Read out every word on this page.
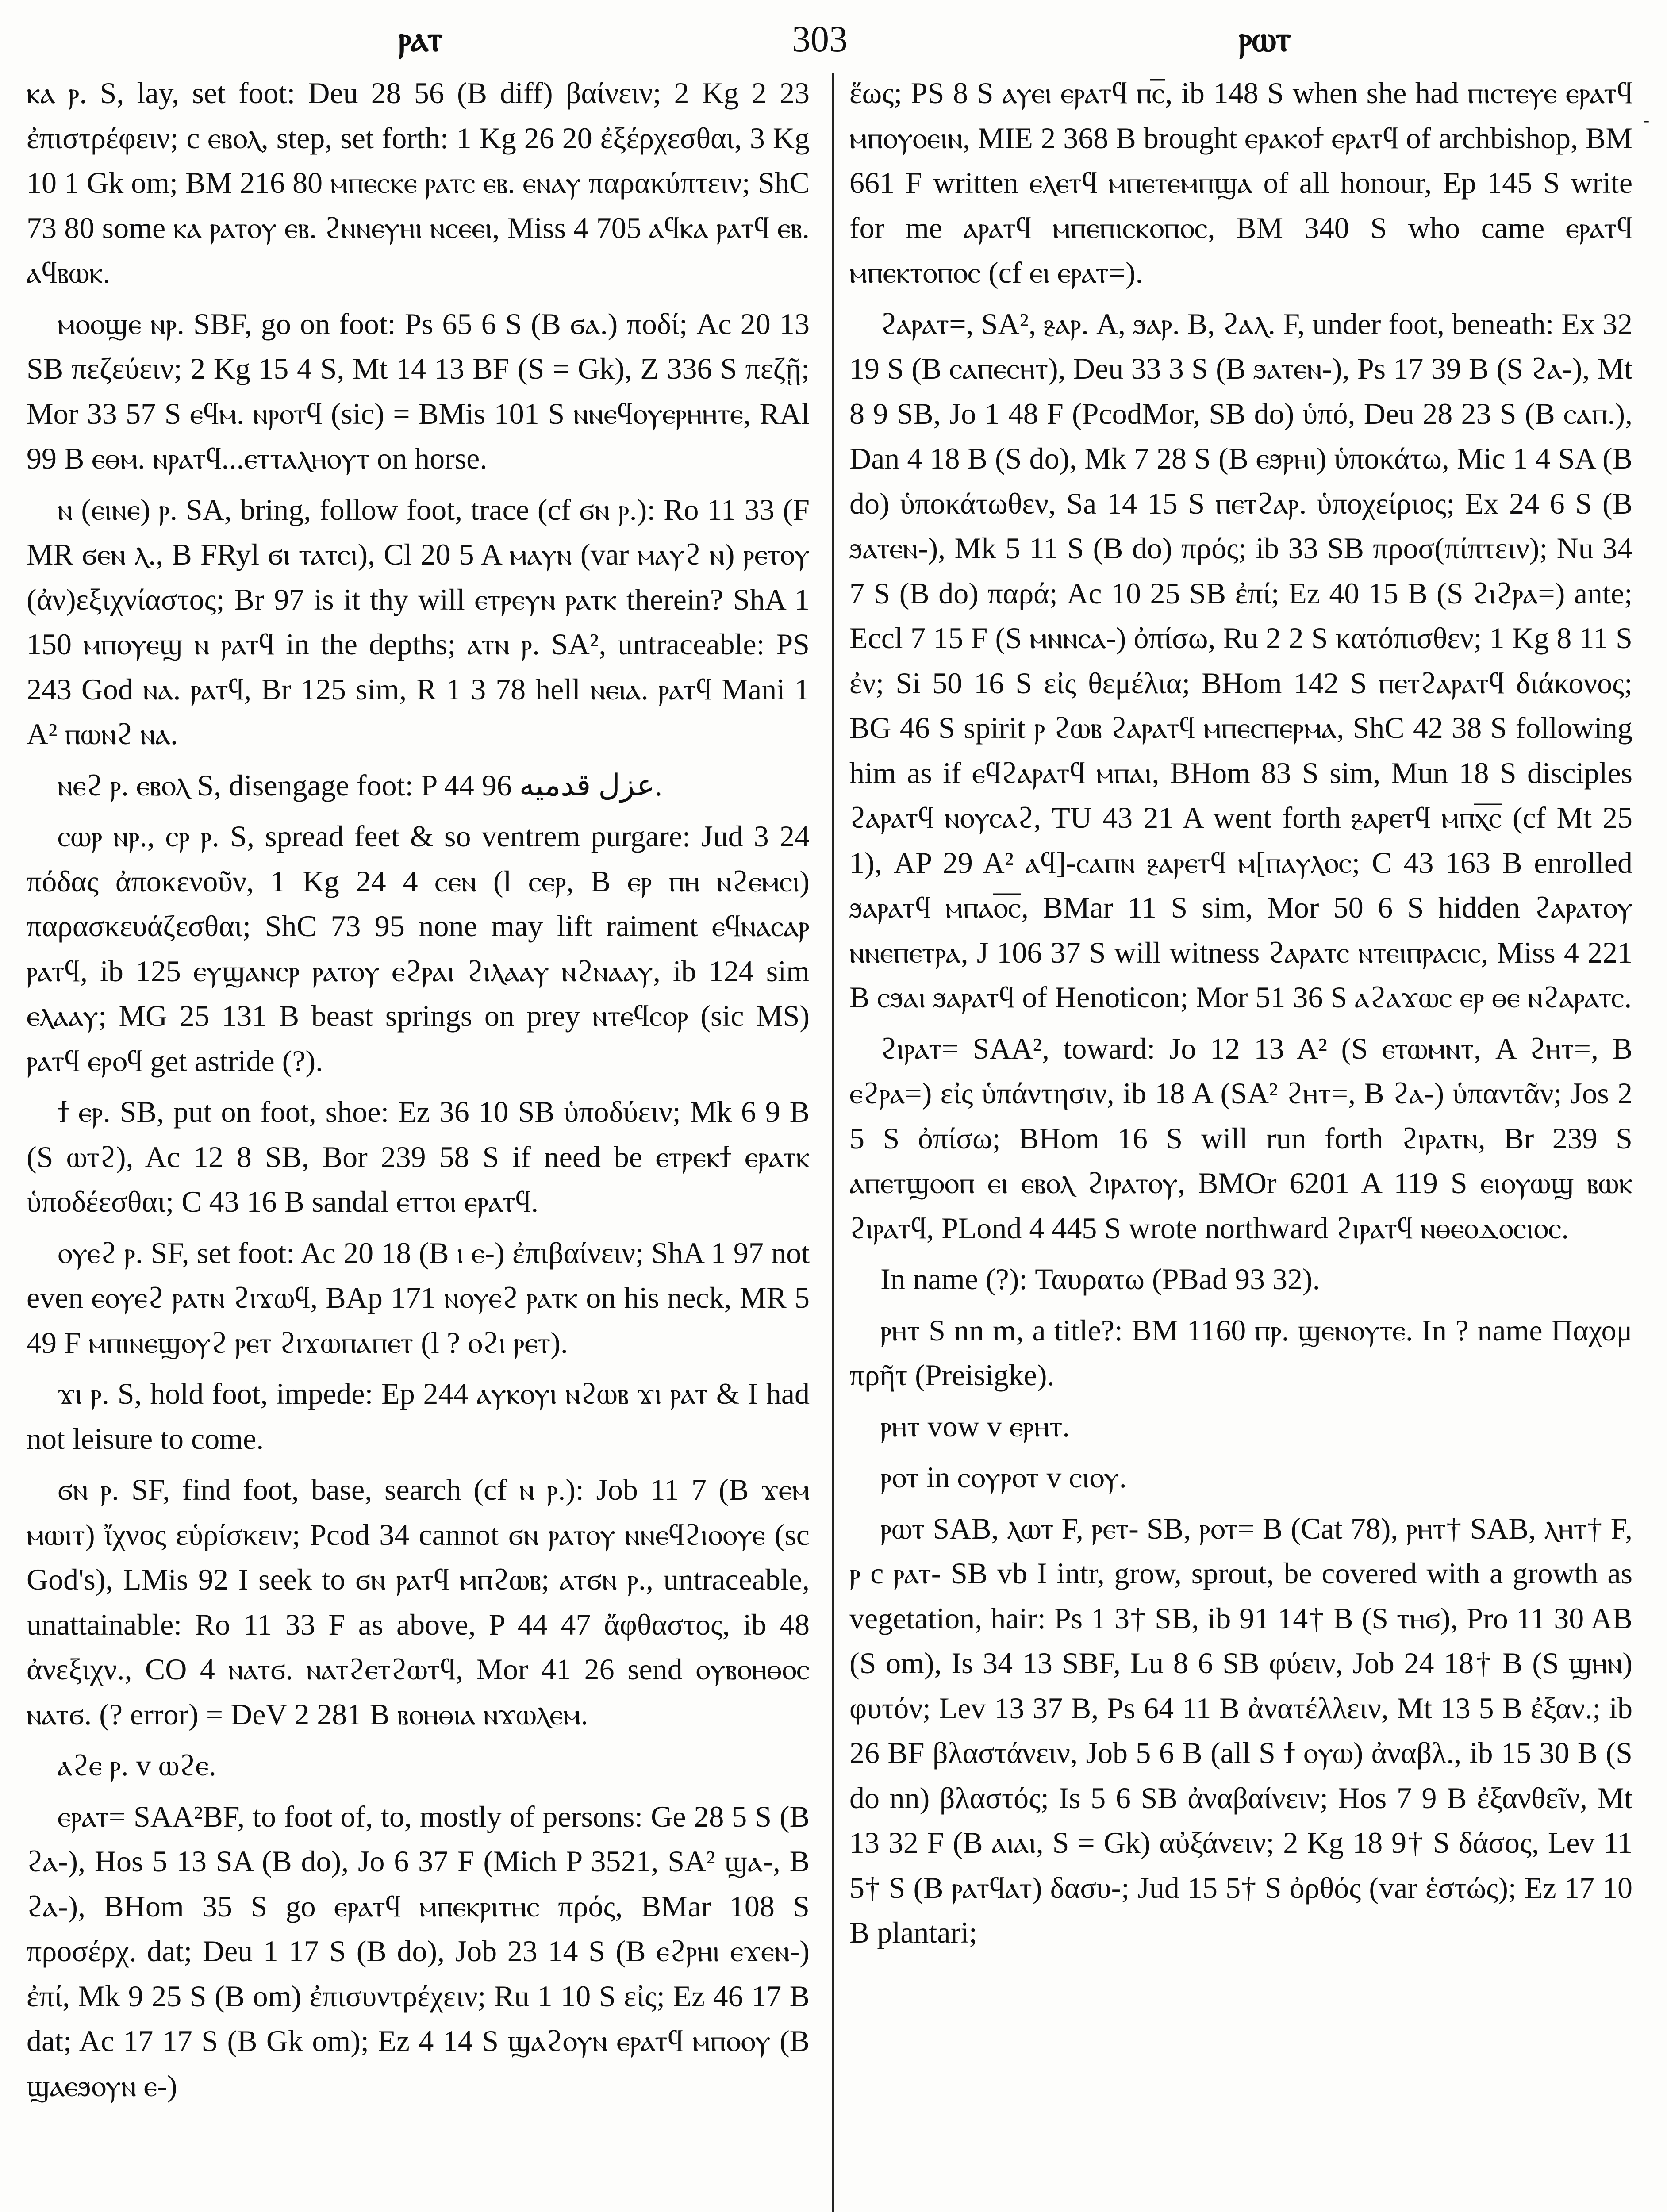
ⲣⲁⲧ	303	ⲣⲱⲧ

ⲕⲁ ⲣ. S, lay, set foot: Deu 28 56 (B diff) βαίνειν; 2 Kg 2 23 ἐπιστρέφειν; c ⲉⲃⲟⲗ, step, set forth: 1 Kg 26 20 ἐξέρχεσθαι, 3 Kg 10 1 Gk om; BM 216 80 ⲙⲡⲉⲥⲕⲉ ⲣⲁⲧⲥ ⲉⲃ. ⲉⲛⲁⲩ παρακύπτειν; ShC 73 80 some ⲕⲁ ⲣⲁⲧⲟⲩ ⲉⲃ. ϩⲛⲛⲉⲩⲏⲓ ⲛⲥⲉⲉⲓ, Miss 4 705 ⲁϥⲕⲁ ⲣⲁⲧϥ ⲉⲃ. ⲁϥⲃⲱⲕ.

ⲙⲟⲟϣⲉ ⲛⲣ. SBF, go on foot: Ps 65 6 S (B ϭⲁ.) ποδί; Ac 20 13 SB πεζεύειν; 2 Kg 15 4 S, Mt 14 13 BF (S = Gk), Z 336 S πεζῇ; Mor 33 57 S ⲉϥⲙ. ⲛⲣⲟⲧϥ (sic) = BMis 101 S ⲛⲛⲉϥⲟⲩⲉⲣⲏⲏⲧⲉ, RAl 99 B ⲉⲑⲙ. ⲛⲣⲁⲧϥ...ⲉⲧⲧⲁⲗⲏⲟⲩⲧ on horse.

ⲛ (ⲉⲓⲛⲉ) ⲣ. SA, bring, follow foot, trace (cf ϭⲛ ⲣ.): Ro 11 33 (F MR ϭⲉⲛ ⲗ., B FRyl ϭⲓ ⲧⲁⲧⲥⲓ), Cl 20 5 A ⲙⲁⲩⲛ (var ⲙⲁⲩϩ ⲛ) ⲣⲉⲧⲟⲩ (ἀν)εξιχνίαστος; Br 97 is it thy will ⲉⲧⲣⲉⲩⲛ ⲣⲁⲧⲕ therein? ShA 1 150 ⲙⲡⲟⲩⲉϣ ⲛ ⲣⲁⲧϥ in the depths; ⲁⲧⲛ ⲣ. SA², untraceable: PS 243 God ⲛⲁ. ⲣⲁⲧϥ, Br 125 sim, R 1 3 78 hell ⲛⲉⲓⲁ. ⲣⲁⲧϥ Mani 1 A² ⲡⲱⲛϩ ⲛⲁ.

ⲛⲉϩ ⲣ. ⲉⲃⲟⲗ S, disengage foot: P 44 96 عزل قدميه.

ⲥⲱⲣ ⲛⲣ., ⲥⲣ ⲣ. S, spread feet & so ventrem purgare: Jud 3 24 πόδας ἀποκενοῦν, 1 Kg 24 4 ⲥⲉⲛ (l ⲥⲉⲣ, B ⲉⲣ ⲡⲏ ⲛϩⲉⲙⲥⲓ) παρασκευάζεσθαι; ShC 73 95 none may lift raiment ⲉϥⲛⲁⲥⲁⲣ ⲣⲁⲧϥ, ib 125 ⲉⲩϣⲁⲛⲥⲣ ⲣⲁⲧⲟⲩ ⲉϩⲣⲁⲓ ϩⲓⲗⲁⲁⲩ ⲛϩⲛⲁⲁⲩ, ib 124 sim ⲉⲗⲁⲁⲩ; MG 25 131 B beast springs on prey ⲛⲧⲉϥⲥⲟⲣ (sic MS) ⲣⲁⲧϥ ⲉⲣⲟϥ get astride (?).

ϯ ⲉⲣ. SB, put on foot, shoe: Ez 36 10 SB ὑποδύειν; Mk 6 9 B (S ⲱⲧϩ), Ac 12 8 SB, Bor 239 58 S if need be ⲉⲧⲣⲉⲕϯ ⲉⲣⲁⲧⲕ ὑποδέεσθαι; C 43 16 B sandal ⲉⲧⲧⲟⲓ ⲉⲣⲁⲧϥ.

ⲟⲩⲉϩ ⲣ. SF, set foot: Ac 20 18 (B ⲓ ⲉ-) ἐπιβαίνειν; ShA 1 97 not even ⲉⲟⲩⲉϩ ⲣⲁⲧⲛ ϩⲓϫⲱϥ, BAp 171 ⲛⲟⲩⲉϩ ⲣⲁⲧⲕ on his neck, MR 5 49 F ⲙⲡⲓⲛⲉϣⲟⲩϩ ⲣⲉⲧ ϩⲓϫⲱⲡⲁⲡⲉⲧ (l ? ⲟϩⲓ ⲣⲉⲧ).

ϫⲓ ⲣ. S, hold foot, impede: Ep 244 ⲁⲩⲕⲟⲩⲓ ⲛϩⲱⲃ ϫⲓ ⲣⲁⲧ & I had not leisure to come.

ϭⲛ ⲣ. SF, find foot, base, search (cf ⲛ ⲣ.): Job 11 7 (B ϫⲉⲙ ⲙⲱⲓⲧ) ἴχνος εὑρίσκειν; Pcod 34 cannot ϭⲛ ⲣⲁⲧⲟⲩ ⲛⲛⲉϥϩⲓⲟⲟⲩⲉ (sc God's), LMis 92 I seek to ϭⲛ ⲣⲁⲧϥ ⲙⲡϩⲱⲃ; ⲁⲧϭⲛ ⲣ., untraceable, unattainable: Ro 11 33 F as above, P 44 47 ἄφθαστος, ib 48 ἀνεξιχν., CO 4 ⲛⲁⲧϭ. ⲛⲁⲧϩⲉⲧϩⲱⲧϥ, Mor 41 26 send ⲟⲩⲃⲟⲏⲑⲟⲥ ⲛⲁⲧϭ. (? error) = DeV 2 281 B ⲃⲟⲏⲑⲓⲁ ⲛϫⲱⲗⲉⲙ.

ⲁϩⲉ ⲣ. v ⲱϩⲉ.

ⲉⲣⲁⲧ= SAA²BF, to foot of, to, mostly of persons: Ge 28 5 S (B ϩⲁ-), Hos 5 13 SA (B do), Jo 6 37 F (Mich P 3521, SA² ϣⲁ-, B ϩⲁ-), BHom 35 S go ⲉⲣⲁⲧϥ ⲙⲡⲉⲕⲣⲓⲧⲏⲥ πρός, BMar 108 S προσέρχ. dat; Deu 1 17 S (B do), Job 23 14 S (B ⲉϩⲣⲏⲓ ⲉϫⲉⲛ-) ἐπί, Mk 9 25 S (B om) ἐπισυντρέχειν; Ru 1 10 S εἰς; Ez 46 17 B dat; Ac 17 17 S (B Gk om); Ez 4 14 S ϣⲁϩⲟⲩⲛ ⲉⲣⲁⲧϥ ⲙⲡⲟⲟⲩ (B ϣⲁⲉϧⲟⲩⲛ ⲉ-)

ἕως; PS 8 S ⲁⲩⲉⲓ ⲉⲣⲁⲧϥ ⲡⲥ̅, ib 148 S when she had ⲡⲓⲥⲧⲉⲩⲉ ⲉⲣⲁⲧϥ ⲙⲡⲟⲩⲟⲉⲓⲛ, MIE 2 368 B brought ⲉⲣⲁⲕⲟϯ ⲉⲣⲁⲧϥ of archbishop, BM 661 F written ⲉⲗⲉⲧϥ ⲙⲡⲉⲧⲉⲙⲡϣⲁ of all honour, Ep 145 S write for me ⲁⲣⲁⲧϥ ⲙⲡⲉⲡⲓⲥⲕⲟⲡⲟⲥ, BM 340 S who came ⲉⲣⲁⲧϥ ⲙⲡⲉⲕⲧⲟⲡⲟⲥ (cf ⲉⲓ ⲉⲣⲁⲧ=).

ϩⲁⲣⲁⲧ=, SA², ⳉⲁⲣ. A, ϧⲁⲣ. B, ϩⲁⲗ. F, under foot, beneath: Ex 32 19 S (B ⲥⲁⲡⲉⲥⲏⲧ), Deu 33 3 S (B ϧⲁⲧⲉⲛ-), Ps 17 39 B (S ϩⲁ-), Mt 8 9 SB, Jo 1 48 F (PcodMor, SB do) ὑπό, Deu 28 23 S (B ⲥⲁⲡ.), Dan 4 18 B (S do), Mk 7 28 S (B ⲉϧⲣⲏⲓ) ὑποκάτω, Mic 1 4 SA (B do) ὑποκάτωθεν, Sa 14 15 S ⲡⲉⲧϩⲁⲣ. ὑποχείριος; Ex 24 6 S (B ϧⲁⲧⲉⲛ-), Mk 5 11 S (B do) πρός; ib 33 SB προσ(πίπτειν); Nu 34 7 S (B do) παρά; Ac 10 25 SB ἐπί; Ez 40 15 B (S ϩⲓϩⲣⲁ=) ante; Eccl 7 15 F (S ⲙⲛⲛⲥⲁ-) ὀπίσω, Ru 2 2 S κατόπισθεν; 1 Kg 8 11 S ἐν; Si 50 16 S εἰς θεμέλια; BHom 142 S ⲡⲉⲧϩⲁⲣⲁⲧϥ διάκονος; BG 46 S spirit ⲣ ϩⲱⲃ ϩⲁⲣⲁⲧϥ ⲙⲡⲉⲥⲡⲉⲣⲙⲁ, ShC 42 38 S following him as if ⲉϥϩⲁⲣⲁⲧϥ ⲙⲡⲁⲓ, BHom 83 S sim, Mun 18 S disciples ϩⲁⲣⲁⲧϥ ⲛⲟⲩⲥⲁϩ, TU 43 21 A went forth ⳉⲁⲣⲉⲧϥ ⲙⲡⲭ̅ⲥ̅ (cf Mt 25 1), AP 29 A² ⲁϥ]-ⲥⲁⲡⲛ ⳉⲁⲣⲉⲧϥ ⲙ[ⲡⲁⲩⲗⲟⲥ; C 43 163 B enrolled ϧⲁⲣⲁⲧϥ ⲙⲡⲁⲟ̅ⲥ̅, BMar 11 S sim, Mor 50 6 S hidden ϩⲁⲣⲁⲧⲟⲩ ⲛⲛⲉⲡⲉⲧⲣⲁ, J 106 37 S will witness ϩⲁⲣⲁⲧⲥ ⲛⲧⲉⲓⲡⲣⲁⲥⲓⲥ, Miss 4 221 B ⲥϧⲁⲓ ϧⲁⲣⲁⲧϥ of Henoticon; Mor 51 36 S ⲁϩⲁϫⲱⲥ ⲉⲣ ⲑⲉ ⲛϩⲁⲣⲁⲧⲥ.

ϩⲓⲣⲁⲧ= SAA², toward: Jo 12 13 A² (S ⲉⲧⲱⲙⲛⲧ, A ϩⲏⲧ=, B ⲉϩⲣⲁ=) εἰς ὑπάντησιν, ib 18 A (SA² ϩⲏⲧ=, B ϩⲁ-) ὑπαντᾶν; Jos 2 5 S ὀπίσω; BHom 16 S will run forth ϩⲓⲣⲁⲧⲛ, Br 239 S ⲁⲡⲉⲧϣⲟⲟⲡ ⲉⲓ ⲉⲃⲟⲗ ϩⲓⲣⲁⲧⲟⲩ, BMOr 6201 A 119 S ⲉⲓⲟⲩⲱϣ ⲃⲱⲕ ϩⲓⲣⲁⲧϥ, PLond 4 445 S wrote northward ϩⲓⲣⲁⲧϥ ⲛⲑⲉⲟⲇⲟⲥⲓⲟⲥ.

In name (?): Ταυρατω (PBad 93 32).

ⲣⲏⲧ S nn m, a title?: BM 1160 ⲡⲣ. ϣⲉⲛⲟⲩⲧⲉ. In ? name Παχομ πρῆτ (Preisigke).

ⲣⲏⲧ vow v ⲉⲣⲏⲧ.

ⲣⲟⲧ in ⲥⲟⲩⲣⲟⲧ v ⲥⲓⲟⲩ.

ⲣⲱⲧ SAB, ⲗⲱⲧ F, ⲣⲉⲧ- SB, ⲣⲟⲧ= B (Cat 78), ⲣⲏⲧ† SAB, ⲗⲏⲧ† F, ⲣ c ⲣⲁⲧ- SB vb I intr, grow, sprout, be covered with a growth as vegetation, hair: Ps 1 3† SB, ib 91 14† B (S ⲧⲏϭ), Pro 11 30 AB (S om), Is 34 13 SBF, Lu 8 6 SB φύειν, Job 24 18† B (S ϣⲏⲛ) φυτόν; Lev 13 37 B, Ps 64 11 B ἀνατέλλειν, Mt 13 5 B ἐξαν.; ib 26 BF βλαστάνειν, Job 5 6 B (all S ϯ ⲟⲩⲱ) ἀναβλ., ib 15 30 B (S do nn) βλαστός; Is 5 6 SB ἀναβαίνειν; Hos 7 9 B ἐξανθεῖν, Mt 13 32 F (B ⲁⲓⲁⲓ, S = Gk) αὐξάνειν; 2 Kg 18 9† S δάσος, Lev 11 5† S (B ⲣⲁⲧϥⲁⲧ) δασυ-; Jud 15 5† S ὀρθός (var ἑστώς); Ez 17 10 B plantari;

-
